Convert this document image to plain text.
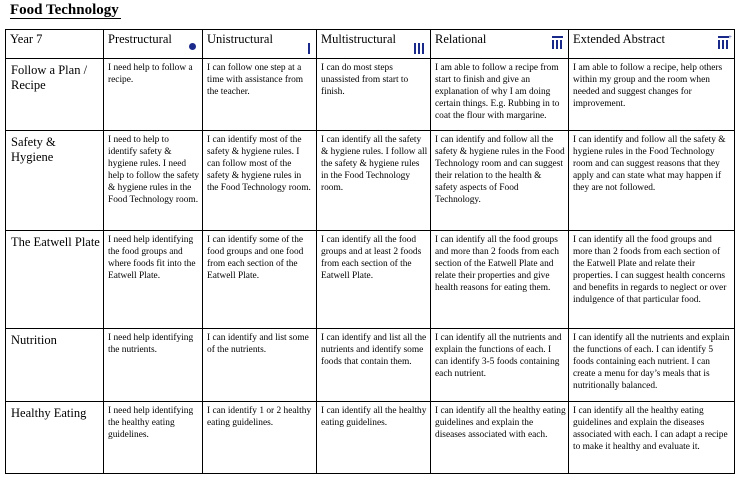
Food Technology
Year 7	Prestructural	Unistructural	Multistructural	Relational	Extended Abstract +

Follow a Plan / Recipe	I need help to follow a recipe.	I can follow one step at a time with assistance from the teacher.	I can do most steps unassisted from start to finish.	I am able to follow a recipe from start to finish and give an explanation of why I am doing certain things. E.g. Rubbing in to coat the flour with margarine.	I am able to follow a recipe, help others within my group and the room when needed and suggest changes for improvement.
Safety & Hygiene	I need to help to identify safety & hygiene rules. I need help to follow the safety & hygiene rules in the Food Technology room.	I can identify most of the safety & hygiene rules. I can follow most of the safety & hygiene rules in the Food Technology room.	I can identify all the safety & hygiene rules. I follow all the safety & hygiene rules in the Food Technology room.	I can identify and follow all the safety & hygiene rules in the Food Technology room and can suggest their relation to the health & safety aspects of Food Technology.	I can identify and follow all the safety & hygiene rules in the Food Technology room and can suggest reasons that they apply and can state what may happen if they are not followed.
The Eatwell Plate	I need help identifying the food groups and where foods fit into the Eatwell Plate.	I can identify some of the food groups and one food from each section of the Eatwell Plate.	I can identify all the food groups and at least 2 foods from each section of the Eatwell Plate.	I can identify all the food groups and more than 2 foods from each section of the Eatwell Plate and relate their properties and give health reasons for eating them.	I can identify all the food groups and more than 2 foods from each section of the Eatwell Plate and relate their properties. I can suggest health concerns and benefits in regards to neglect or over indulgence of that particular food.
Nutrition	I need help identifying the nutrients.	I can identify and list some of the nutrients.	I can identify and list all the nutrients and identify some foods that contain them.	I can identify all the nutrients and explain the functions of each. I can identify 3-5 foods containing each nutrient.	I can identify all the nutrients and explain the functions of each. I can identify 5 foods containing each nutrient. I can create a menu for day’s meals that is nutritionally balanced.
Healthy Eating	I need help identifying the healthy eating guidelines.	I can identify 1 or 2 healthy eating guidelines.	I can identify all the healthy eating guidelines.	I can identify all the healthy eating guidelines and explain the diseases associated with each.	I can identify all the healthy eating guidelines and explain the diseases associated with each. I can adapt a recipe to make it healthy and evaluate it.
